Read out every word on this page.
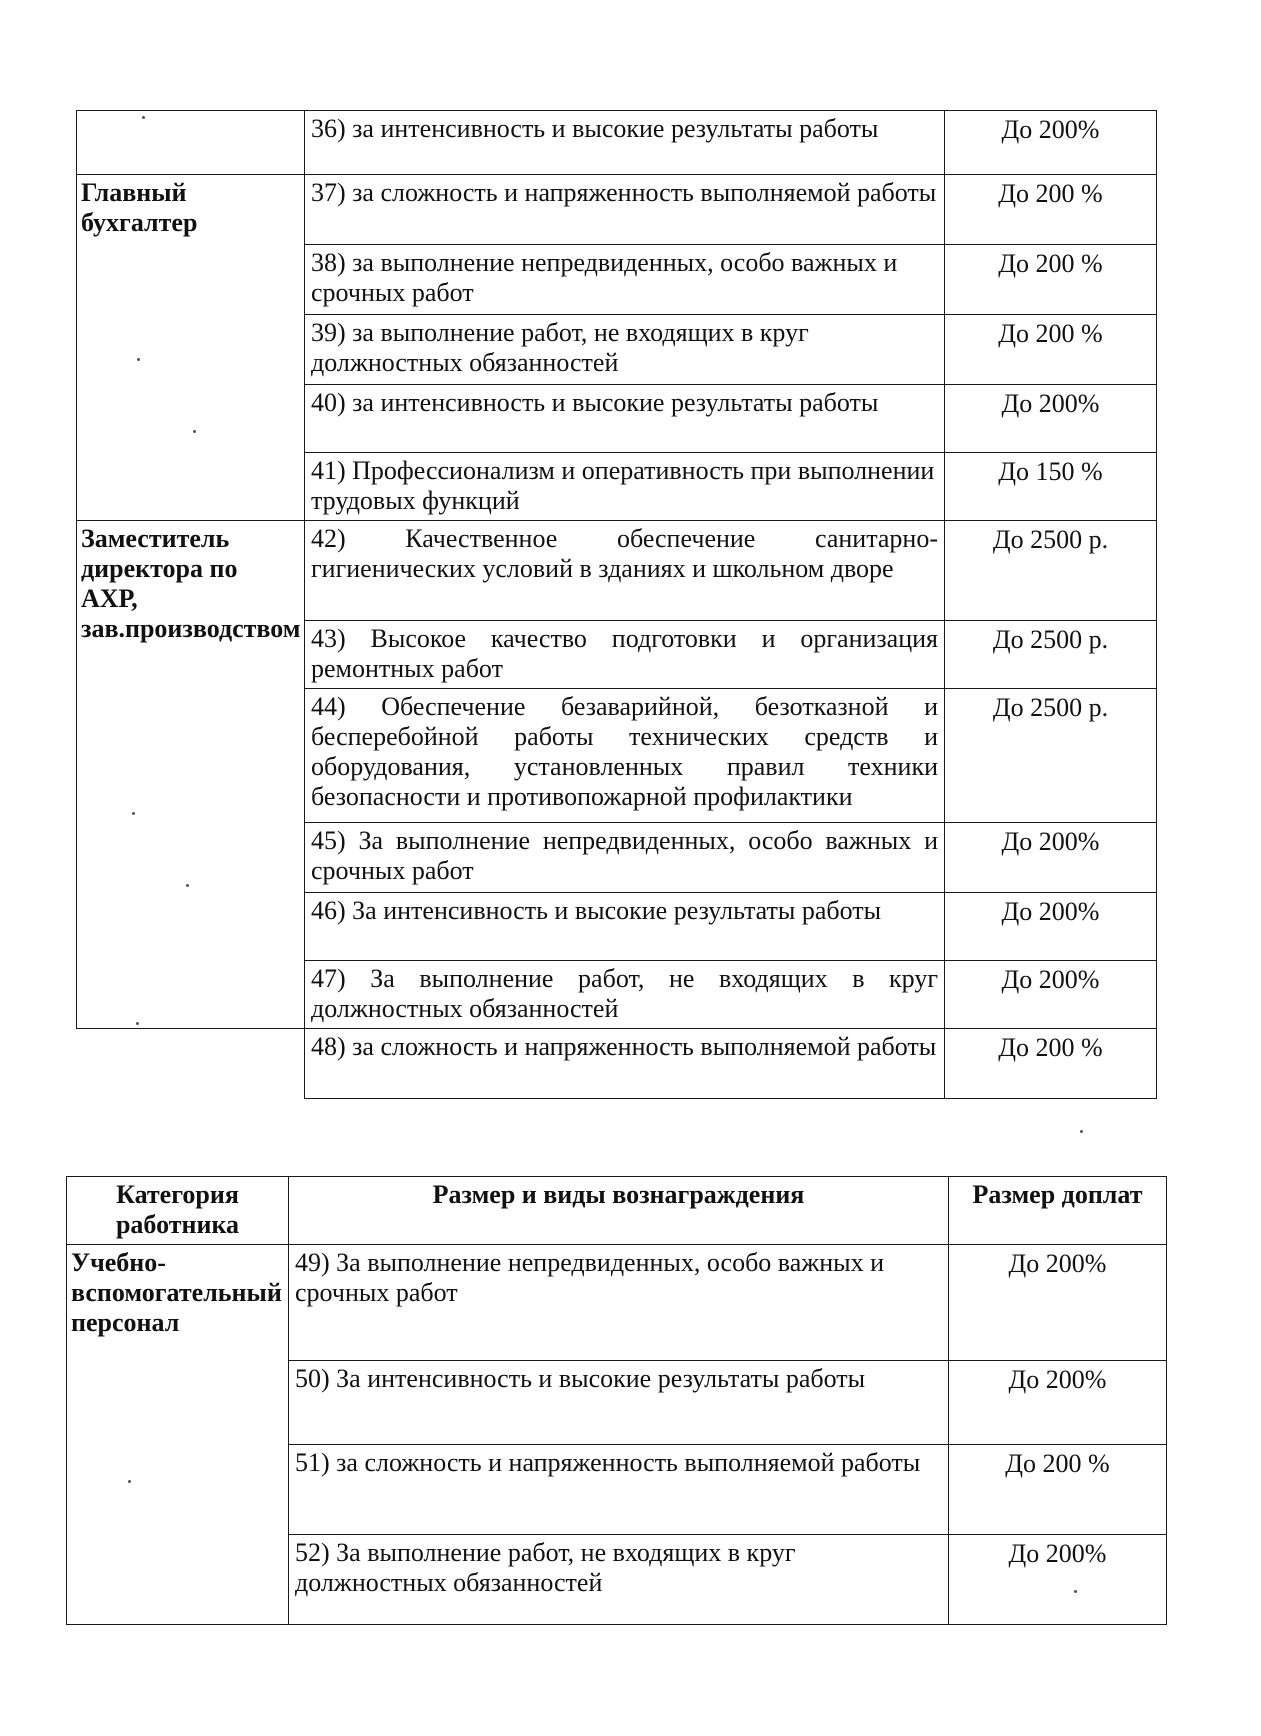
	36) за интенсивность и высокие результаты работы	До 200%
Главный бухгалтер	37) за сложность и напряженность выполняемой работы	До 200 %
	38) за выполнение непредвиденных, особо важных и срочных работ	До 200 %
	39) за выполнение работ, не входящих в круг должностных обязанностей	До 200 %
	40) за интенсивность и высокие результаты работы	До 200%
	41) Профессионализм и оперативность при выполнении трудовых функций	До 150 %
Заместитель директора по АХР, зав.производством	42) Качественное обеспечение санитарно-гигиенических условий в зданиях и школьном дворе	До 2500 р.
	43) Высокое качество подготовки и организация ремонтных работ	До 2500 р.
	44) Обеспечение безаварийной, безотказной и бесперебойной работы технических средств и оборудования, установленных правил техники безопасности и противопожарной профилактики	До 2500 р.
	45) За выполнение непредвиденных, особо важных и срочных работ	До 200%
	46) За интенсивность и высокие результаты работы	До 200%
	47) За выполнение работ, не входящих в круг должностных обязанностей	До 200%
	48) за сложность и напряженность выполняемой работы	До 200 %
Категория работника	Размер и виды вознаграждения	Размер доплат
Учебно-вспомогательный персонал	49) За выполнение непредвиденных, особо важных и срочных работ	До 200%
	50) За интенсивность и высокие результаты работы	До 200%
	51) за сложность и напряженность выполняемой работы	До 200 %
	52) За выполнение работ, не входящих в круг должностных обязанностей	До 200%
